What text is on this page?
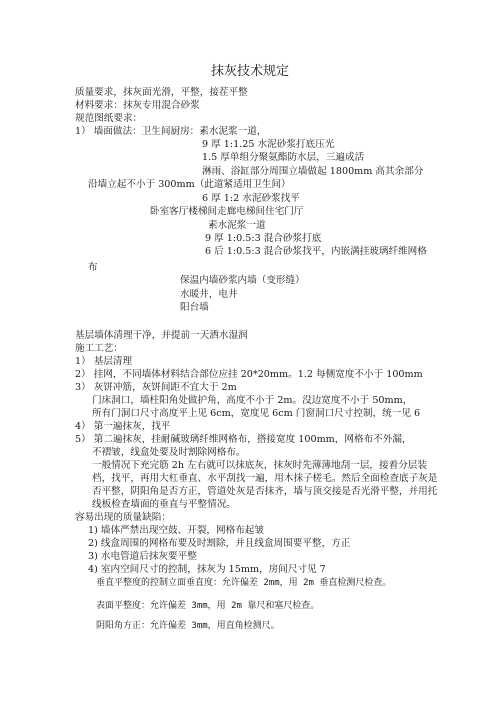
抹灰技术规定
质量要求，抹灰面光滑，平整，接茬平整
材料要求：抹灰专用混合砂浆
规范图纸要求：
1） 墙面做法：卫生间厨房：素水泥浆一道，
9 厚 1:1.25 水泥砂浆打底压光
1.5 厚单组分聚氨酯防水层，三遍成活
淋雨、浴缸部分周围立墙做起 1800mm 高其余部分
沿墙立起不小于 300mm（此道紧适用卫生间）
6 厚 1:2 水泥砂浆找平
卧室客厅楼梯间走廊电梯间住宅门厅
素水泥浆一道
9 厚 1:0.5:3 混合砂浆打底
6 后 1:0.5:3 混合砂浆找平，内嵌满挂玻璃纤维网格
布
保温内墙砂浆内墙（变形缝）
水暖井，电井
阳台墙
基层墙体清理干净，并提前一天洒水湿润
施工工艺：
1） 基层清理
2） 挂网，不同墙体材料结合部位应挂 20*20mm。1.2 每侧宽度不小于 100mm
3） 灰饼冲筋，灰饼间距不宜大于 2m
门床洞口，墙柱阳角处做护角，高度不小于 2m。没边宽度不小于 50mm，
所有门洞口尺寸高度平上见 6cm，宽度见 6cm 门窗洞口尺寸控制，统一见 6
4） 第一遍抹灰，找平
5） 第二遍抹灰，挂耐碱玻璃纤维网格布，搭接宽度 100mm，网格布不外漏，
不褶皱，线盒处要及时割除网格布。
一般情况下充完筋 2h 左右就可以抹底灰，抹灰时先薄薄地刮一层，接着分层装
档，找平，再用大杠垂直、水平刮找一遍，用木抹子槎毛。然后全面检查底子灰是
否平整，阴阳角是否方正，管道处灰是否抹齐，墙与顶交接是否光滑平整，并用托
线板检查墙面的垂直与平整情况。
容易出现的质量缺陷：
1) 墙体严禁出现空鼓、开裂，网格布起皱
2) 线盒周围的网格布要及时割除，并且线盒周围要平整，方正
3) 水电管道后抹灰要平整
4) 室内空间尺寸的控制，抹灰为 15mm，房间尺寸见 7
垂直平整度的控制立面垂直度：允许偏差 2mm，用 2m 垂直检测尺检查。
表面平整度：允许偏差 3mm，用 2m 靠尺和塞尺检查。
阴阳角方正：允许偏差 3mm，用直角检测尺。
